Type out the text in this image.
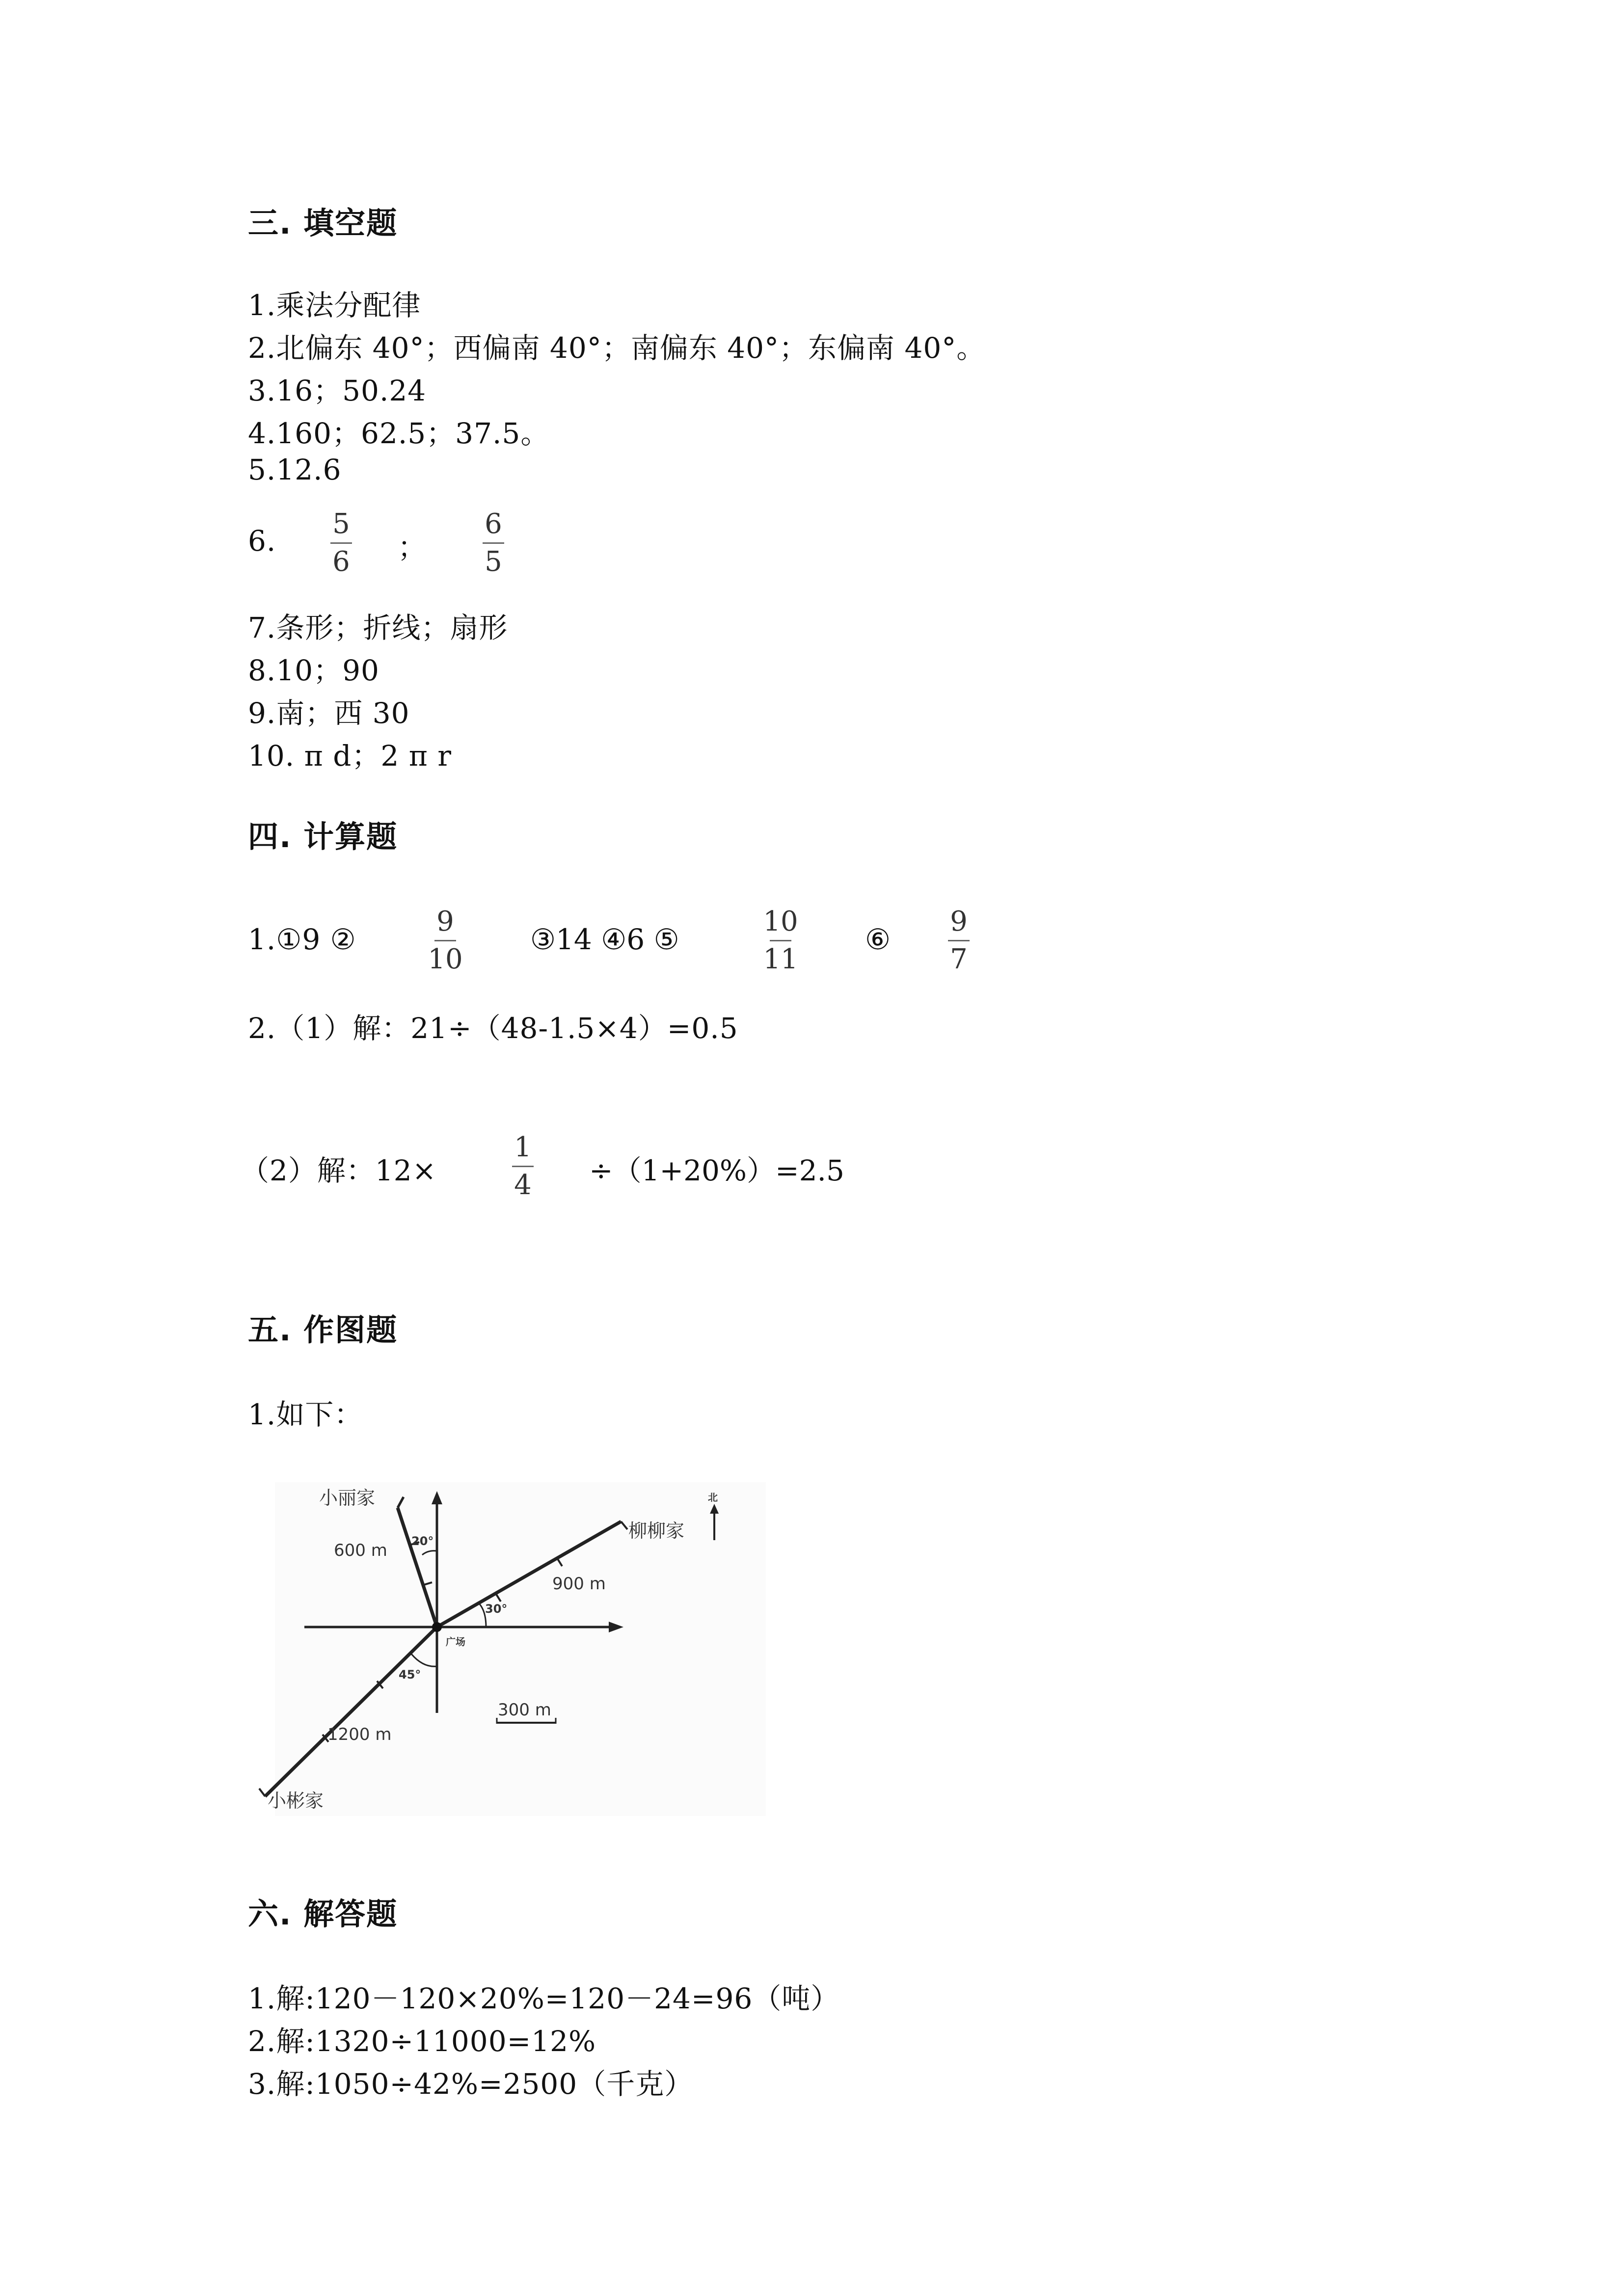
三. 填空题
1.乘法分配律
2.北偏东 40°；西偏南 40°；南偏东 40°；东偏南 40°。
3.16；50.24
4.160；62.5；37.5。
5.12.6
6.
5
6	；
6
5
7.条形；折线；扇形
8.10；90
9.南；西 30
10. π d；2 π r
四. 计算题
1.①9 ②
9
10
③14 ④6 ⑤
10
11
⑥
9
7
2.（1）解：21÷（48-1.5×4）=0.5
（2）解：12×
1
4	÷（1+20%）=2.5
五. 作图题
1.如下：
小丽家
柳柳家
小彬家
广场
北
600 m
900 m
1200 m
300 m
20°
30°
45°
六. 解答题
1.解:120－120×20%=120－24=96（吨）
2.解:1320÷11000=12%
3.解:1050÷42%=2500（千克）
